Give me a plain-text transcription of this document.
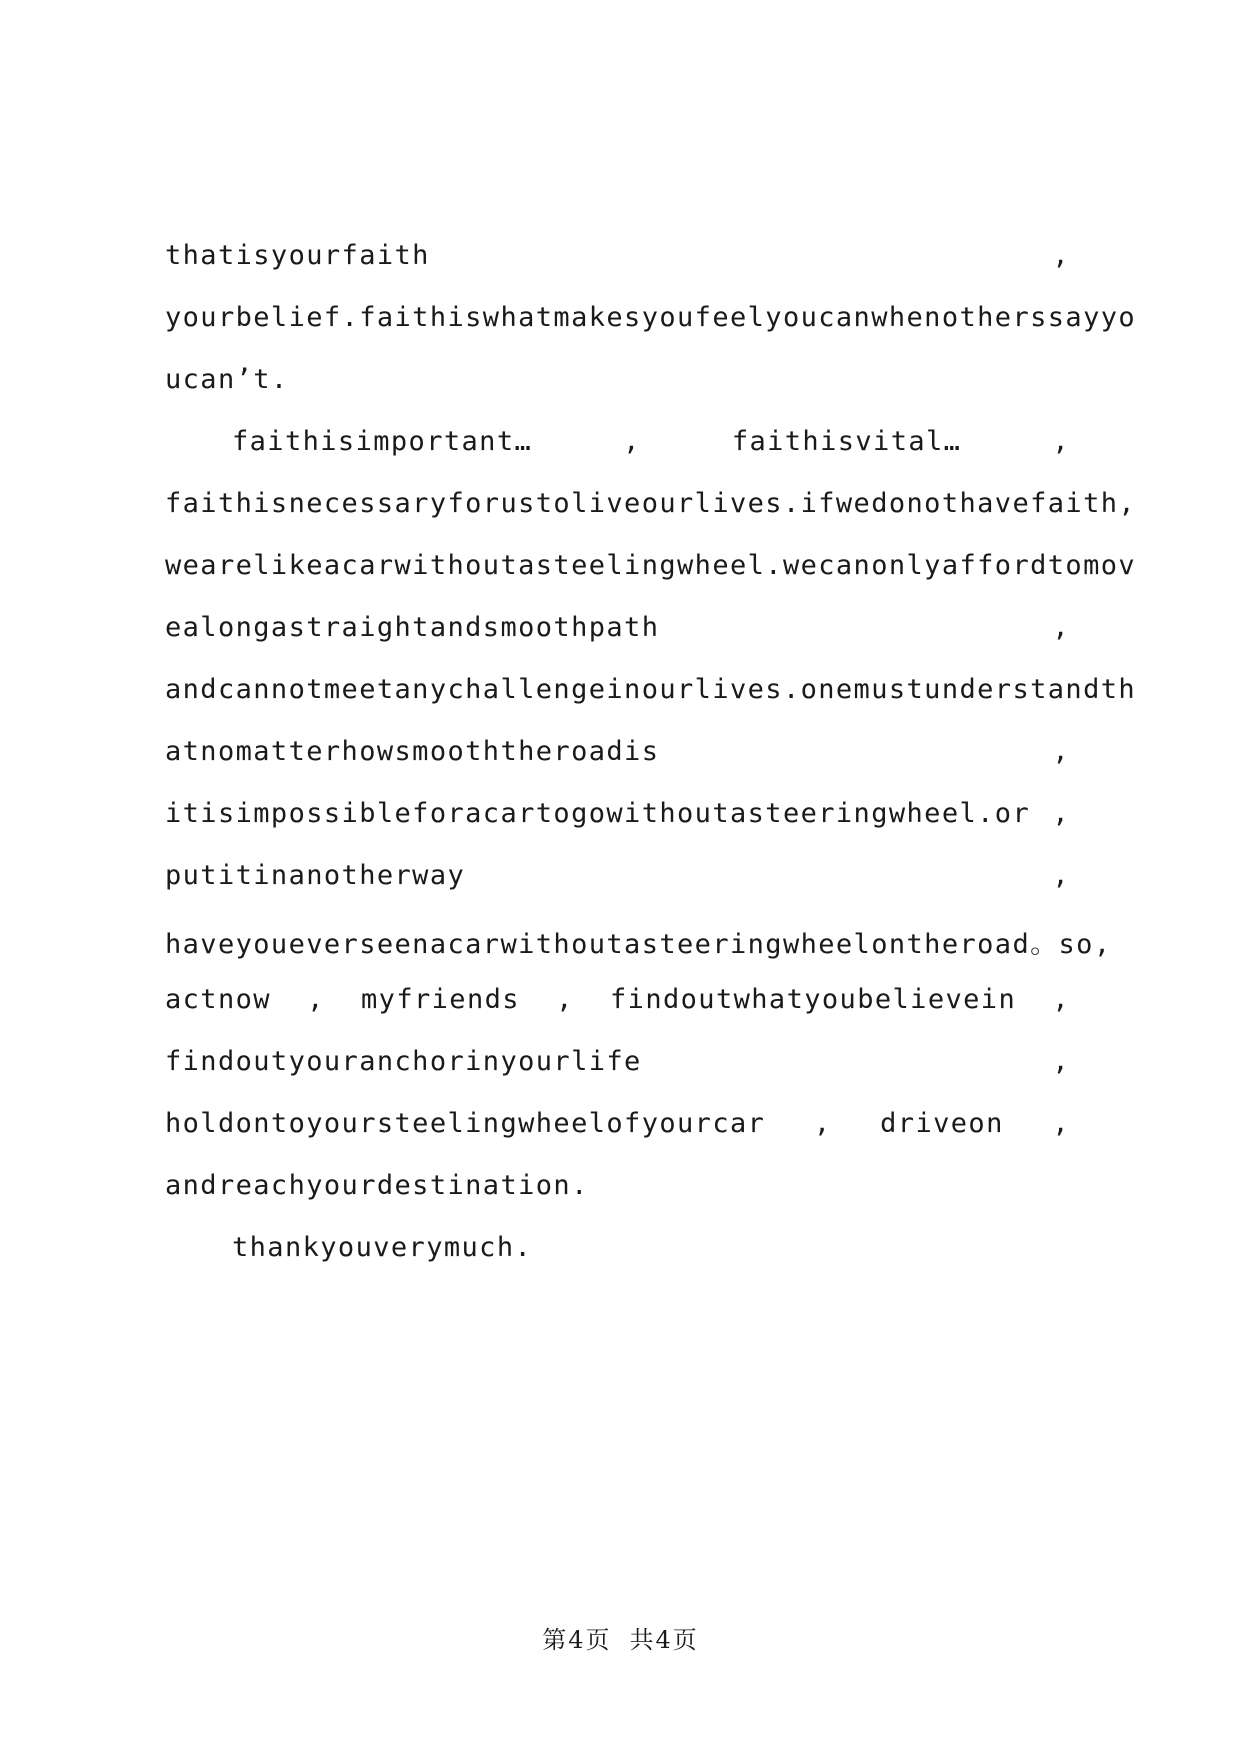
thatisyourfaith	,
yourbelief.faithiswhatmakesyoufeelyoucanwhenotherssayyo
ucan’t.
faithisimportant…	,	faithisvital…	,
faithisnecessaryforustoliveourlives.ifwedonothavefaith,
wearelikeacarwithoutasteelingwheel.wecanonlyaffordtomov
ealongastraightandsmoothpath	,
andcannotmeetanychallengeinourlives.onemustunderstandth
atnomatterhowsmooththeroadis	,
itisimpossibleforacartogowithoutasteeringwheel.or ,
putitinanotherway	,
haveyoueverseenacarwithoutasteeringwheelontheroad。so,
actnow , myfriends , findoutwhatyoubelievein ,
findoutyouranchorinyourlife	,
holdontoyoursteelingwheelofyourcar , driveon ,
andreachyourdestination.
thankyouverymuch.
第4页 共4页
